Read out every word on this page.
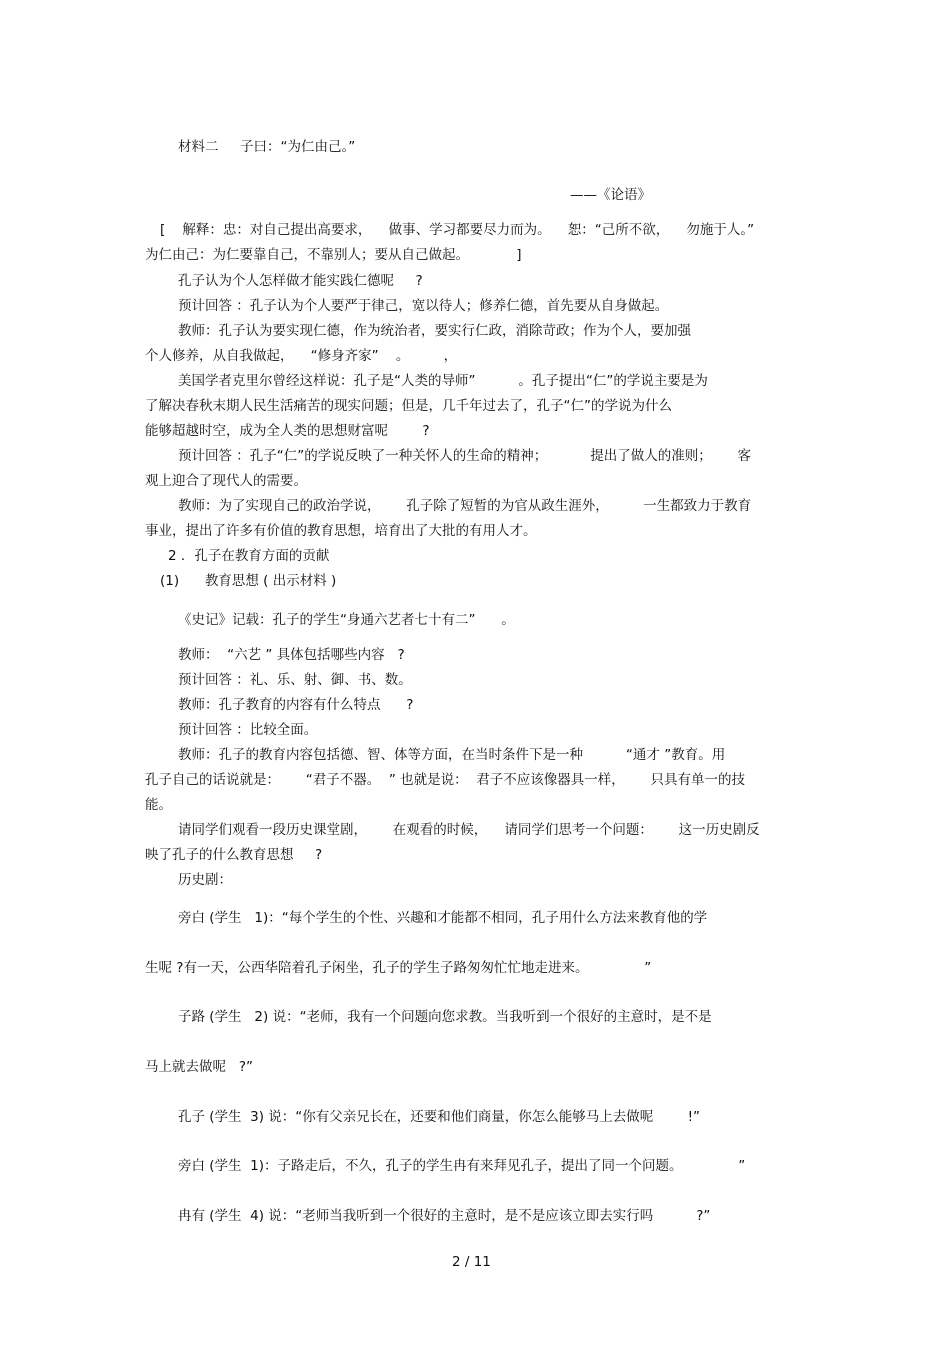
材料二     子曰：“为仁由己。”
——《论语》
[    解释：忠：对自己提出高要求，    做事、学习都要尽力而为。    恕：“己所不欲，    勿施于人。”
为仁由己：为仁要靠自己，不靠别人；要从自己做起。           ]
孔子认为个人怎样做才能实践仁德呢     ?
预计回答 ：孔子认为个人要严于律己，宽以待人；修养仁德，首先要从自身做起。
教师：孔子认为要实现仁德，作为统治者，要实行仁政，消除苛政；作为个人，要加强
个人修养，从自我做起，    “修身齐家”    。        ，
美国学者克里尔曾经这样说：孔子是“人类的导师”          。孔子提出“仁”的学说主要是为
了解决春秋末期人民生活痛苦的现实问题；但是，几千年过去了，孔子“仁”的学说为什么
能够超越时空，成为全人类的思想财富呢        ?
预计回答 ：孔子“仁”的学说反映了一种关怀人的生命的精神；          提出了做人的准则；      客
观上迎合了现代人的需要。
教师：为了实现自己的政治学说，      孔子除了短暂的为官从政生涯外，        一生都致力于教育
事业，提出了许多有价值的教育思想，培育出了大批的有用人才。
2 ．孔子在教育方面的贡献
(1)      教育思想 ( 出示材料 )
《史记》记载：孔子的学生“身通六艺者七十有二”      。
教师：  “六艺 ” 具体包括哪些内容   ?
预计回答 ：礼、乐、射、御、书、数。
教师：孔子教育的内容有什么特点      ?
预计回答 ：比较全面。
教师：孔子的教育内容包括德、智、体等方面，在当时条件下是一种          “通才 ”教育。用
孔子自己的话说就是：      “君子不器。  ” 也就是说：  君子不应该像器具一样，      只具有单一的技
能。
请同学们观看一段历史课堂剧，      在观看的时候，    请同学们思考一个问题：      这一历史剧反
映了孔子的什么教育思想     ?
历史剧：
旁白 (学生   1)：“每个学生的个性、兴趣和才能都不相同，孔子用什么方法来教育他的学
生呢 ?有一天，公西华陪着孔子闲坐，孔子的学生子路匆匆忙忙地走进来。             ”
子路 (学生   2) 说：“老师，我有一个问题向您求教。当我听到一个很好的主意时，是不是
马上就去做呢   ?”
孔子 (学生  3) 说：“你有父亲兄长在，还要和他们商量，你怎么能够马上去做呢        !”
旁白 (学生  1)：子路走后，不久，孔子的学生冉有来拜见孔子，提出了同一个问题。             ”
冉有 (学生  4) 说：“老师当我听到一个很好的主意时，是不是应该立即去实行吗          ?”
2 / 11
